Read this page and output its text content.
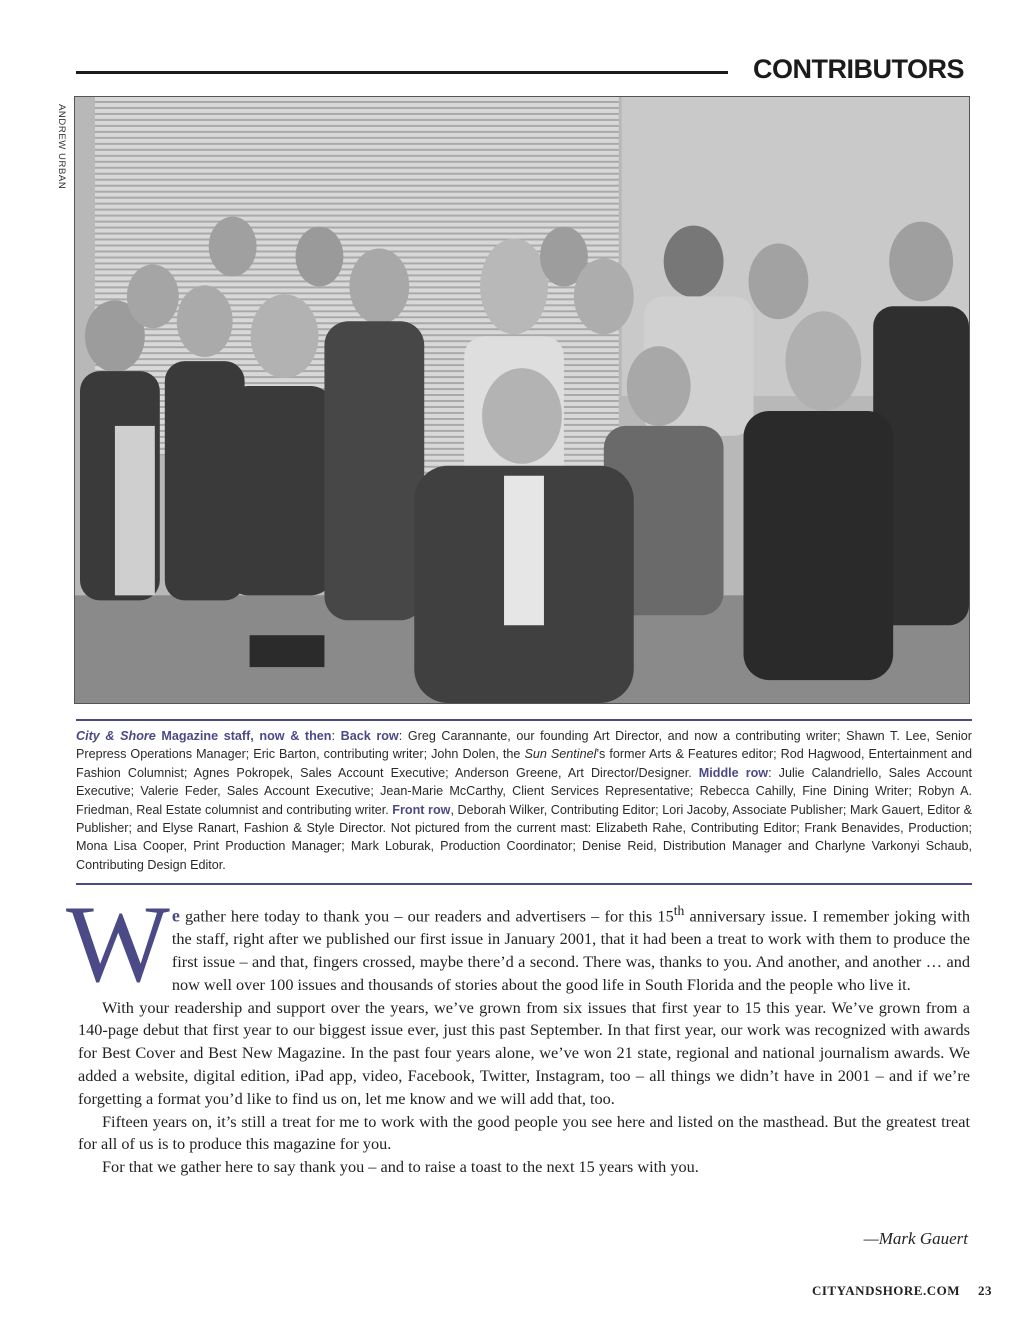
CONTRIBUTORS
ANDREW URBAN
City & Shore Magazine staff, now & then: Back row: Greg Carannante, our founding Art Director, and now a contributing writer; Shawn T. Lee, Senior Prepress Operations Manager; Eric Barton, contributing writer; John Dolen, the Sun Sentinel’s former Arts & Features editor; Rod Hagwood, Entertainment and Fashion Columnist; Agnes Pokropek, Sales Account Executive; Anderson Greene, Art Director/Designer. Middle row: Julie Calandriello, Sales Account Executive; Valerie Feder, Sales Account Executive; Jean-Marie McCarthy, Client Services Representative; Rebecca Cahilly, Fine Dining Writer; Robyn A. Friedman, Real Estate columnist and contributing writer. Front row, Deborah Wilker, Contributing Editor; Lori Jacoby, Associate Publisher; Mark Gauert, Editor & Publisher; and Elyse Ranart, Fashion & Style Director. Not pictured from the current mast: Elizabeth Rahe, Contributing Editor; Frank Benavides, Production; Mona Lisa Cooper, Print Production Manager; Mark Loburak, Production Coordinator; Denise Reid, Distribution Manager and Charlyne Varkonyi Schaub, Contributing Design Editor.
W e gather here today to thank you – our readers and advertisers – for this 15th anniversary issue. I remember joking with the staff, right after we published our first issue in January 2001, that it had been a treat to work with them to produce the first issue – and that, fingers crossed, maybe there’d a second. There was, thanks to you. And another, and another … and now well over 100 issues and thousands of stories about the good life in South Florida and the people who live it.

With your readership and support over the years, we’ve grown from six issues that first year to 15 this year. We’ve grown from a 140-page debut that first year to our biggest issue ever, just this past September. In that first year, our work was recognized with awards for Best Cover and Best New Magazine. In the past four years alone, we’ve won 21 state, regional and national journalism awards. We added a website, digital edition, iPad app, video, Facebook, Twitter, Instagram, too – all things we didn’t have in 2001 – and if we’re forgetting a format you’d like to find us on, let me know and we will add that, too.

Fifteen years on, it’s still a treat for me to work with the good people you see here and listed on the masthead. But the greatest treat for all of us is to produce this magazine for you.

For that we gather here to say thank you – and to raise a toast to the next 15 years with you.

—Mark Gauert
CITYANDSHORE.COM 23
